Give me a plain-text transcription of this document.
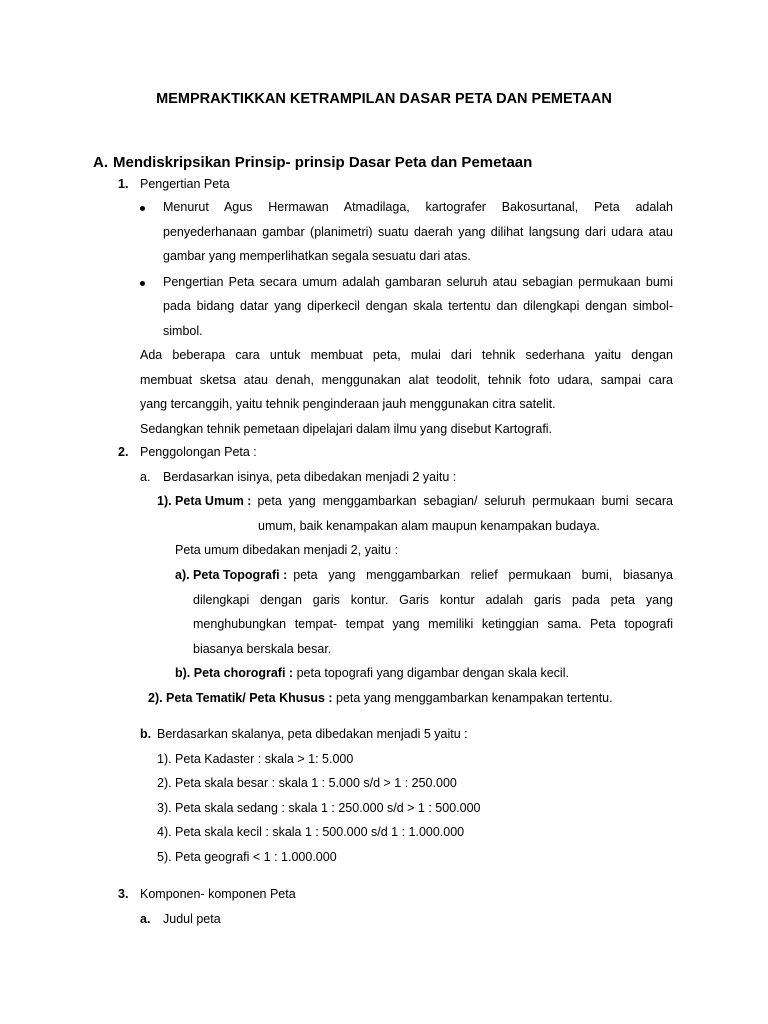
MEMPRAKTIKKAN KETRAMPILAN DASAR PETA DAN PEMETAAN
A. Mendiskripsikan Prinsip- prinsip Dasar Peta dan Pemetaan
1. Pengertian Peta
Menurut Agus Hermawan Atmadilaga, kartografer Bakosurtanal, Peta adalah
penyederhanaan gambar (planimetri) suatu daerah yang dilihat langsung dari udara atau
gambar yang memperlihatkan segala sesuatu dari atas.
Pengertian Peta secara umum adalah gambaran seluruh atau sebagian permukaan bumi
pada bidang datar yang diperkecil dengan skala tertentu dan dilengkapi dengan simbol-
simbol.
Ada beberapa cara untuk membuat peta, mulai dari tehnik sederhana yaitu dengan
membuat sketsa atau denah, menggunakan alat teodolit, tehnik foto udara, sampai cara
yang tercanggih, yaitu tehnik penginderaan jauh menggunakan citra satelit.
Sedangkan tehnik pemetaan dipelajari dalam ilmu yang disebut Kartografi.
2. Penggolongan Peta :
a. Berdasarkan isinya, peta dibedakan menjadi 2 yaitu :
1). Peta Umum : peta yang menggambarkan sebagian/ seluruh permukaan bumi secara
umum, baik kenampakan alam maupun kenampakan budaya.
Peta umum dibedakan menjadi 2, yaitu :
a). Peta Topografi : peta yang menggambarkan relief permukaan bumi, biasanya
dilengkapi dengan garis kontur. Garis kontur adalah garis pada peta yang
menghubungkan tempat- tempat yang memiliki ketinggian sama. Peta topografi
biasanya berskala besar.
b). Peta chorografi : peta topografi yang digambar dengan skala kecil.
2). Peta Tematik/ Peta Khusus : peta yang menggambarkan kenampakan tertentu.
b. Berdasarkan skalanya, peta dibedakan menjadi 5 yaitu :
1). Peta Kadaster : skala > 1: 5.000
2). Peta skala besar : skala 1 : 5.000 s/d > 1 : 250.000
3). Peta skala sedang : skala 1 : 250.000 s/d > 1 : 500.000
4). Peta skala kecil : skala 1 : 500.000 s/d 1 : 1.000.000
5). Peta geografi < 1 : 1.000.000
3. Komponen- komponen Peta
a. Judul peta
